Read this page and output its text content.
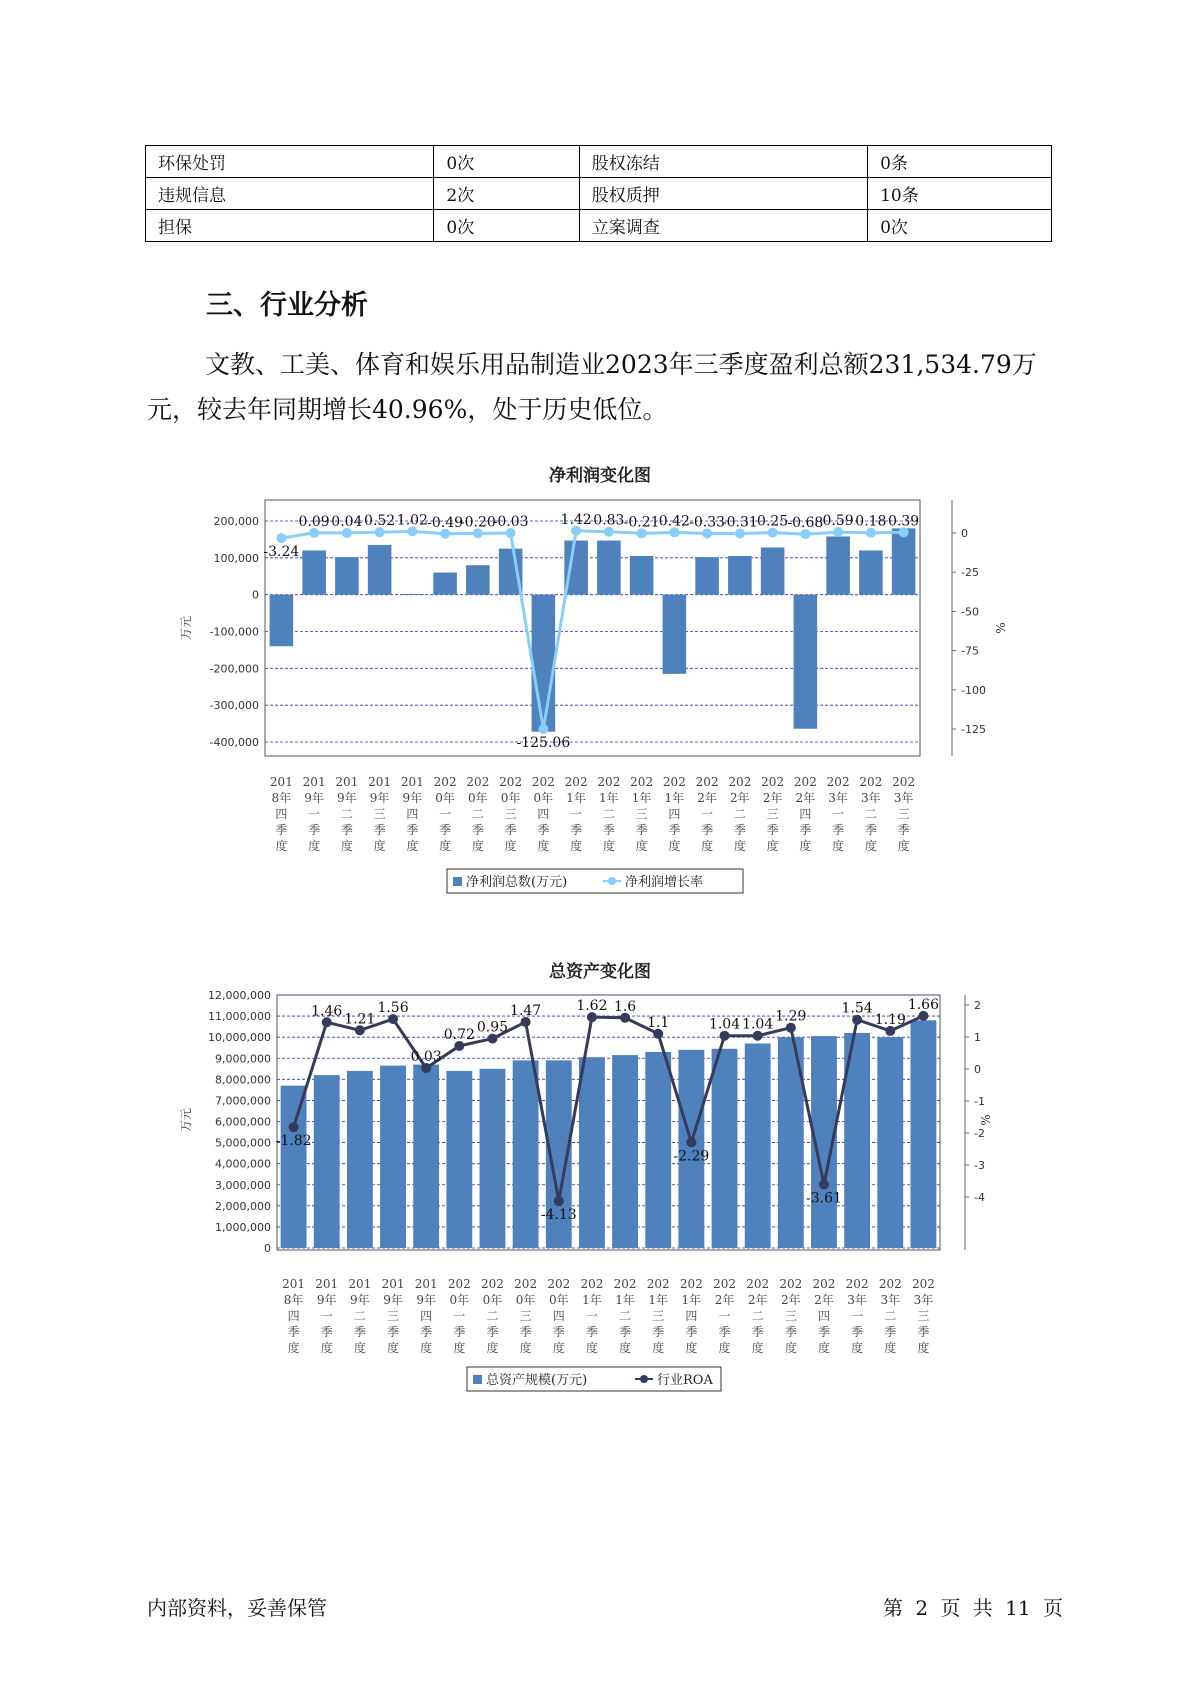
环保处罚	0次	股权冻结	0条
违规信息	2次	股权质押	10条
担保	0次	立案调查	0次
三、行业分析

文教、工美、体育和娱乐用品制造业2023年三季度盈利总额231,534.79万元，较去年同期增长40.96%，处于历史低位。

净利润变化图
200,000
100,000
0
-100,000
-200,000
-300,000
-400,000
0
-25
-50
-75
-100
-125
万元	%
-3.24
0.09 0.04 0.52 1.02 -0.49
-0.20
-0.03
-125.06
1.42 0.83 -0.21 0.42 -0.33
-0.31 0.25 -0.68 0.59 0.18 0.39
201
8年
四
季
度
201
9年
一
季
度
201
9年
二
季
度
201
9年
三
季
度
201
9年
四
季
度
202
0年
一
季
度
202
0年
二
季
度
202
0年
三
季
度
202
0年
四
季
度
202
1年
一
季
度
202
1年
二
季
度
202
1年
三
季
度
202
1年
四
季
度
202
2年
一
季
度
202
2年
二
季
度
202
2年
三
季
度
202
2年
四
季
度
202
3年
一
季
度
202
3年
二
季
度
202
3年
三
季
度
净利润总数(万元)	净利润增长率
总资产变化图
12,000,000
11,000,000
10,000,000
9,000,000
8,000,000
7,000,000
6,000,000
5,000,000
4,000,000
3,000,000
2,000,000
1,000,000
0
2
1
0
-1
-2
-3
-4
万元	%
-1.82
1.46 1.21
1.56
0.03
0.72 0.95
1.47
-4.13
1.62 1.6
1.1
-2.29
1.04 1.04 1.29
-3.61
1.54
1.19
1.66
201
8年
四
季
度
201
9年
一
季
度
201
9年
二
季
度
201
9年
三
季
度
201
9年
四
季
度
202
0年
一
季
度
202
0年
二
季
度
202
0年
三
季
度
202
0年
四
季
度
202
1年
一
季
度
202
1年
二
季
度
202
1年
三
季
度
202
1年
四
季
度
202
2年
一
季
度
202
2年
二
季
度
202
2年
三
季
度
202
2年
四
季
度
202
3年
一
季
度
202
3年
二
季
度
202
3年
三
季
度
总资产规模(万元)	行业ROA
内部资料，妥善保管	第 2 页 共 11 页
